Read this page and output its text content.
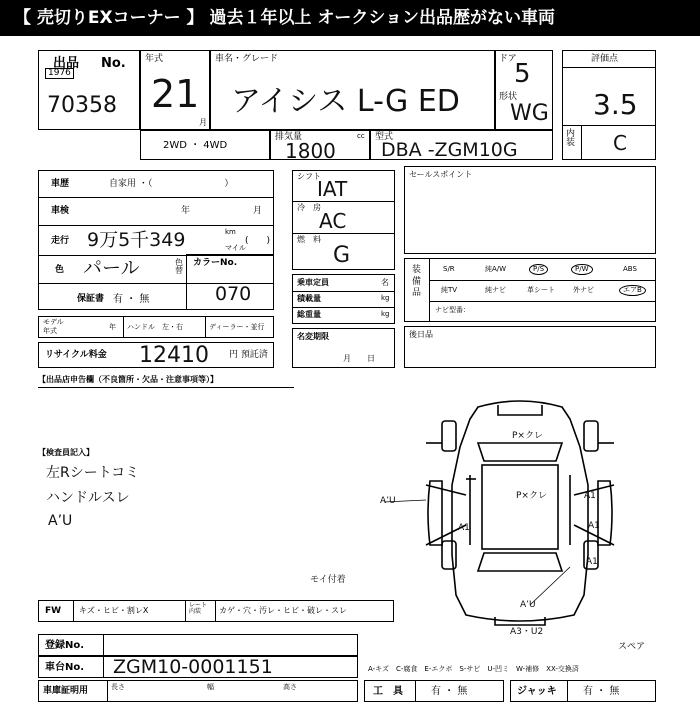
【 売切りEXコーナー 】 過去１年以上 オークション出品歴がない車両
出品 No.
1976
70358
年式
21
月
車名・グレード
アイシス L-G ED
ドア
5
形状
WG
評価点
3.5
内装 C
2WD ・ 4WD
排気量
1800
cc 型式
DBA -ZGM10G
車歴	自家用 ・（　　　　　　　　）
車検	年	月
走行 9万5千349	km
マイル
(　　)
色 パール	色替
保証書 有 ・ 無
カラーNo.
070
モデル
年式	年 ハンドル　左・右	ディーラー・並行
リサイクル料金 12410 円 預託済
シフト
IAT
冷　房
AC
燃　料
G
乗車定員	名
積載量	kg
総重量	kg
名変期限
月　　日
セールスポイント
装備品
S/R	純A/W	P/S	P/W	ABS
純TV	純ナビ	革シート	外ナビ	エアB
ナビ型番：
後日品
【出品店申告欄（不良箇所・欠品・注意事項等）】
【検査員記入】
左Rシートコミ
ハンドルスレ
A’U
P×クレ
P×クレ	A1
A1	A1
A1
A’U
A’U
A3・U2
モイ付着
スペア
FW キズ・ヒビ・割レX
レート内装	カゲ・穴・汚レ・ヒビ・破レ・スレ
登録No.
車台No. ZGM10-0001151	A-キズ　C-腐食　E-エクボ　S-サビ　U-凹ミ　W-補修　XX-交換済
車庫証明用	長さ	幅	高さ	工　具	有 ・ 無	ジャッキ	有 ・ 無
